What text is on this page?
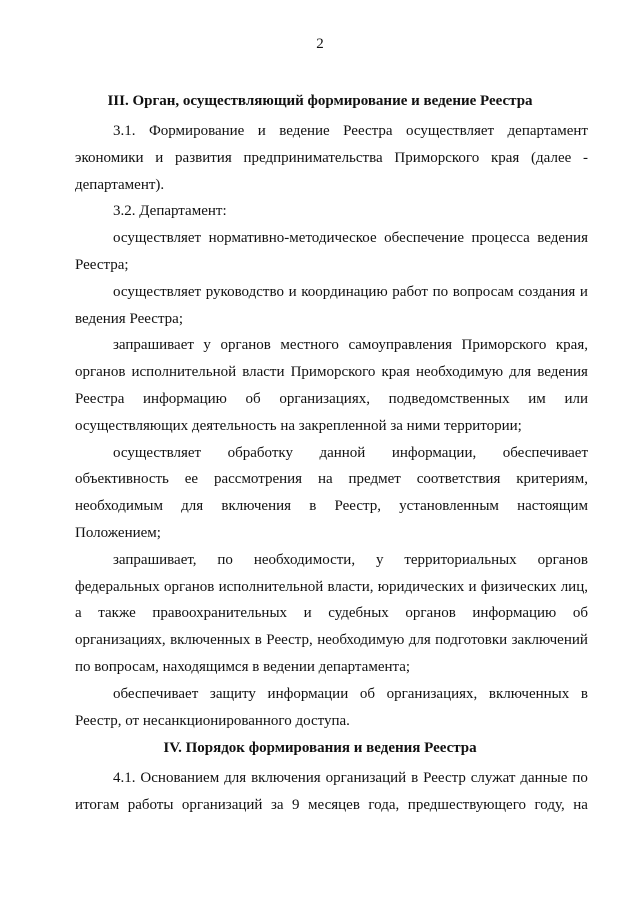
2
III. Орган, осуществляющий формирование и ведение Реестра
3.1. Формирование и ведение Реестра осуществляет департамент
экономики и развития предпринимательства Приморского края (далее -
департамент).
3.2. Департамент:
осуществляет нормативно-методическое обеспечение процесса ведения
Реестра;
осуществляет руководство и координацию работ по вопросам создания и
ведения Реестра;
запрашивает у органов местного самоуправления Приморского края,
органов исполнительной власти Приморского края необходимую для ведения
Реестра информацию об организациях, подведомственных им или
осуществляющих деятельность на закрепленной за ними территории;
осуществляет обработку данной информации, обеспечивает
объективность ее рассмотрения на предмет соответствия критериям,
необходимым для включения в Реестр, установленным настоящим
Положением;
запрашивает, по необходимости, у территориальных органов
федеральных органов исполнительной власти, юридических и физических лиц,
а также правоохранительных и судебных органов информацию об
организациях, включенных в Реестр, необходимую для подготовки заключений
по вопросам, находящимся в ведении департамента;
обеспечивает защиту информации об организациях, включенных в
Реестр, от несанкционированного доступа.
IV. Порядок формирования и ведения Реестра
4.1. Основанием для включения организаций в Реестр служат данные по
итогам работы организаций за 9 месяцев года, предшествующего году, на
